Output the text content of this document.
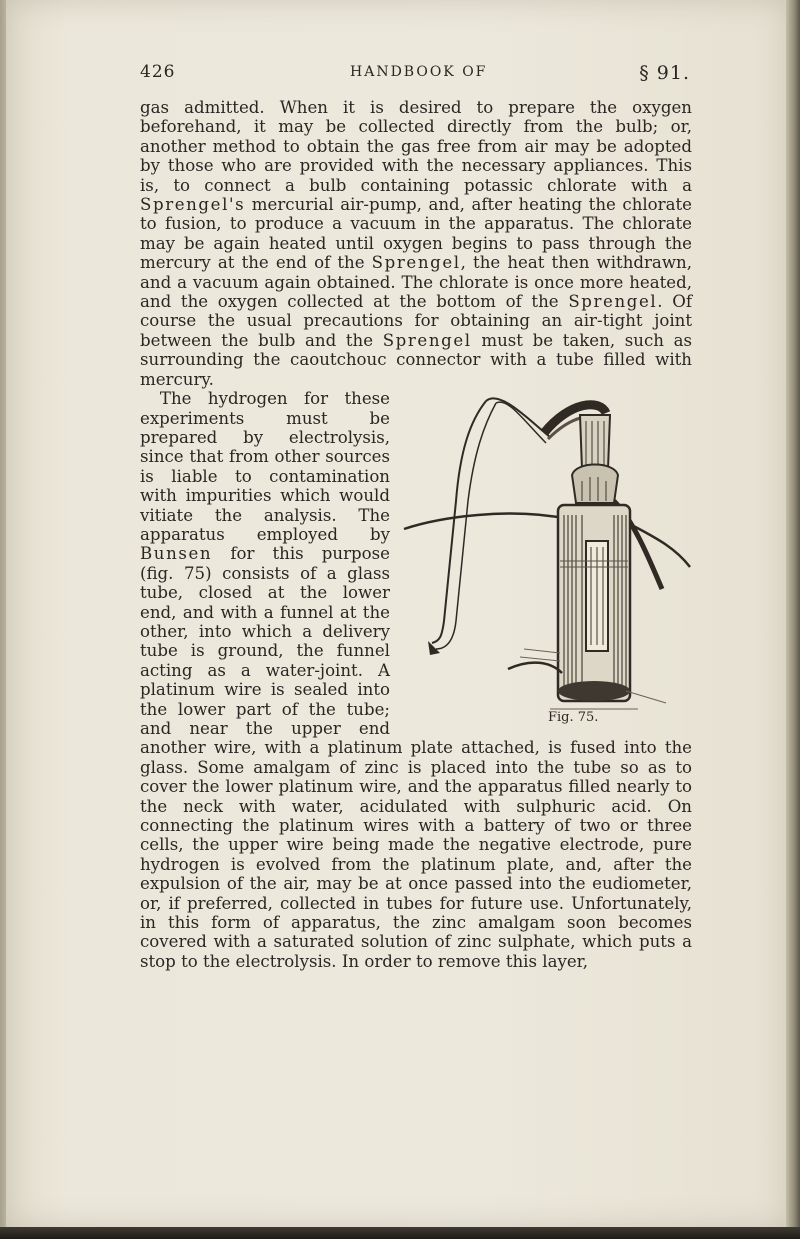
426	HANDBOOK OF	§ 91.

gas admitted. When it is desired to prepare the oxygen beforehand, it may be collected directly from the bulb; or, another method to obtain the gas free from air may be adopted by those who are provided with the necessary appliances. This is, to connect a bulb containing potassic chlorate with a Sprengel's mercurial air-pump, and, after heating the chlorate to fusion, to produce a vacuum in the apparatus. The chlorate may be again heated until oxygen begins to pass through the mercury at the end of the Sprengel, the heat then withdrawn, and a vacuum again obtained. The chlorate is once more heated, and the oxygen collected at the bottom of the Sprengel. Of course the usual precautions for obtaining an air-tight joint between the bulb and the Sprengel must be taken, such as surrounding the caoutchouc connector with a tube filled with mercury.

Fig. 75.

The hydrogen for these experiments must be prepared by electrolysis, since that from other sources is liable to contamination with impurities which would vitiate the analysis. The apparatus employed by Bunsen for this purpose (fig. 75) consists of a glass tube, closed at the lower end, and with a funnel at the other, into which a delivery tube is ground, the funnel acting as a water-joint. A platinum wire is sealed into the lower part of the tube; and near the upper end another wire, with a platinum plate attached, is fused into the glass. Some amalgam of zinc is placed into the tube so as to cover the lower platinum wire, and the apparatus filled nearly to the neck with water, acidulated with sulphuric acid. On connecting the platinum wires with a battery of two or three cells, the upper wire being made the negative electrode, pure hydrogen is evolved from the platinum plate, and, after the expulsion of the air, may be at once passed into the eudiometer, or, if preferred, collected in tubes for future use. Unfortunately, in this form of apparatus, the zinc amalgam soon becomes covered with a saturated solution of zinc sulphate, which puts a stop to the electrolysis. In order to remove this layer,
